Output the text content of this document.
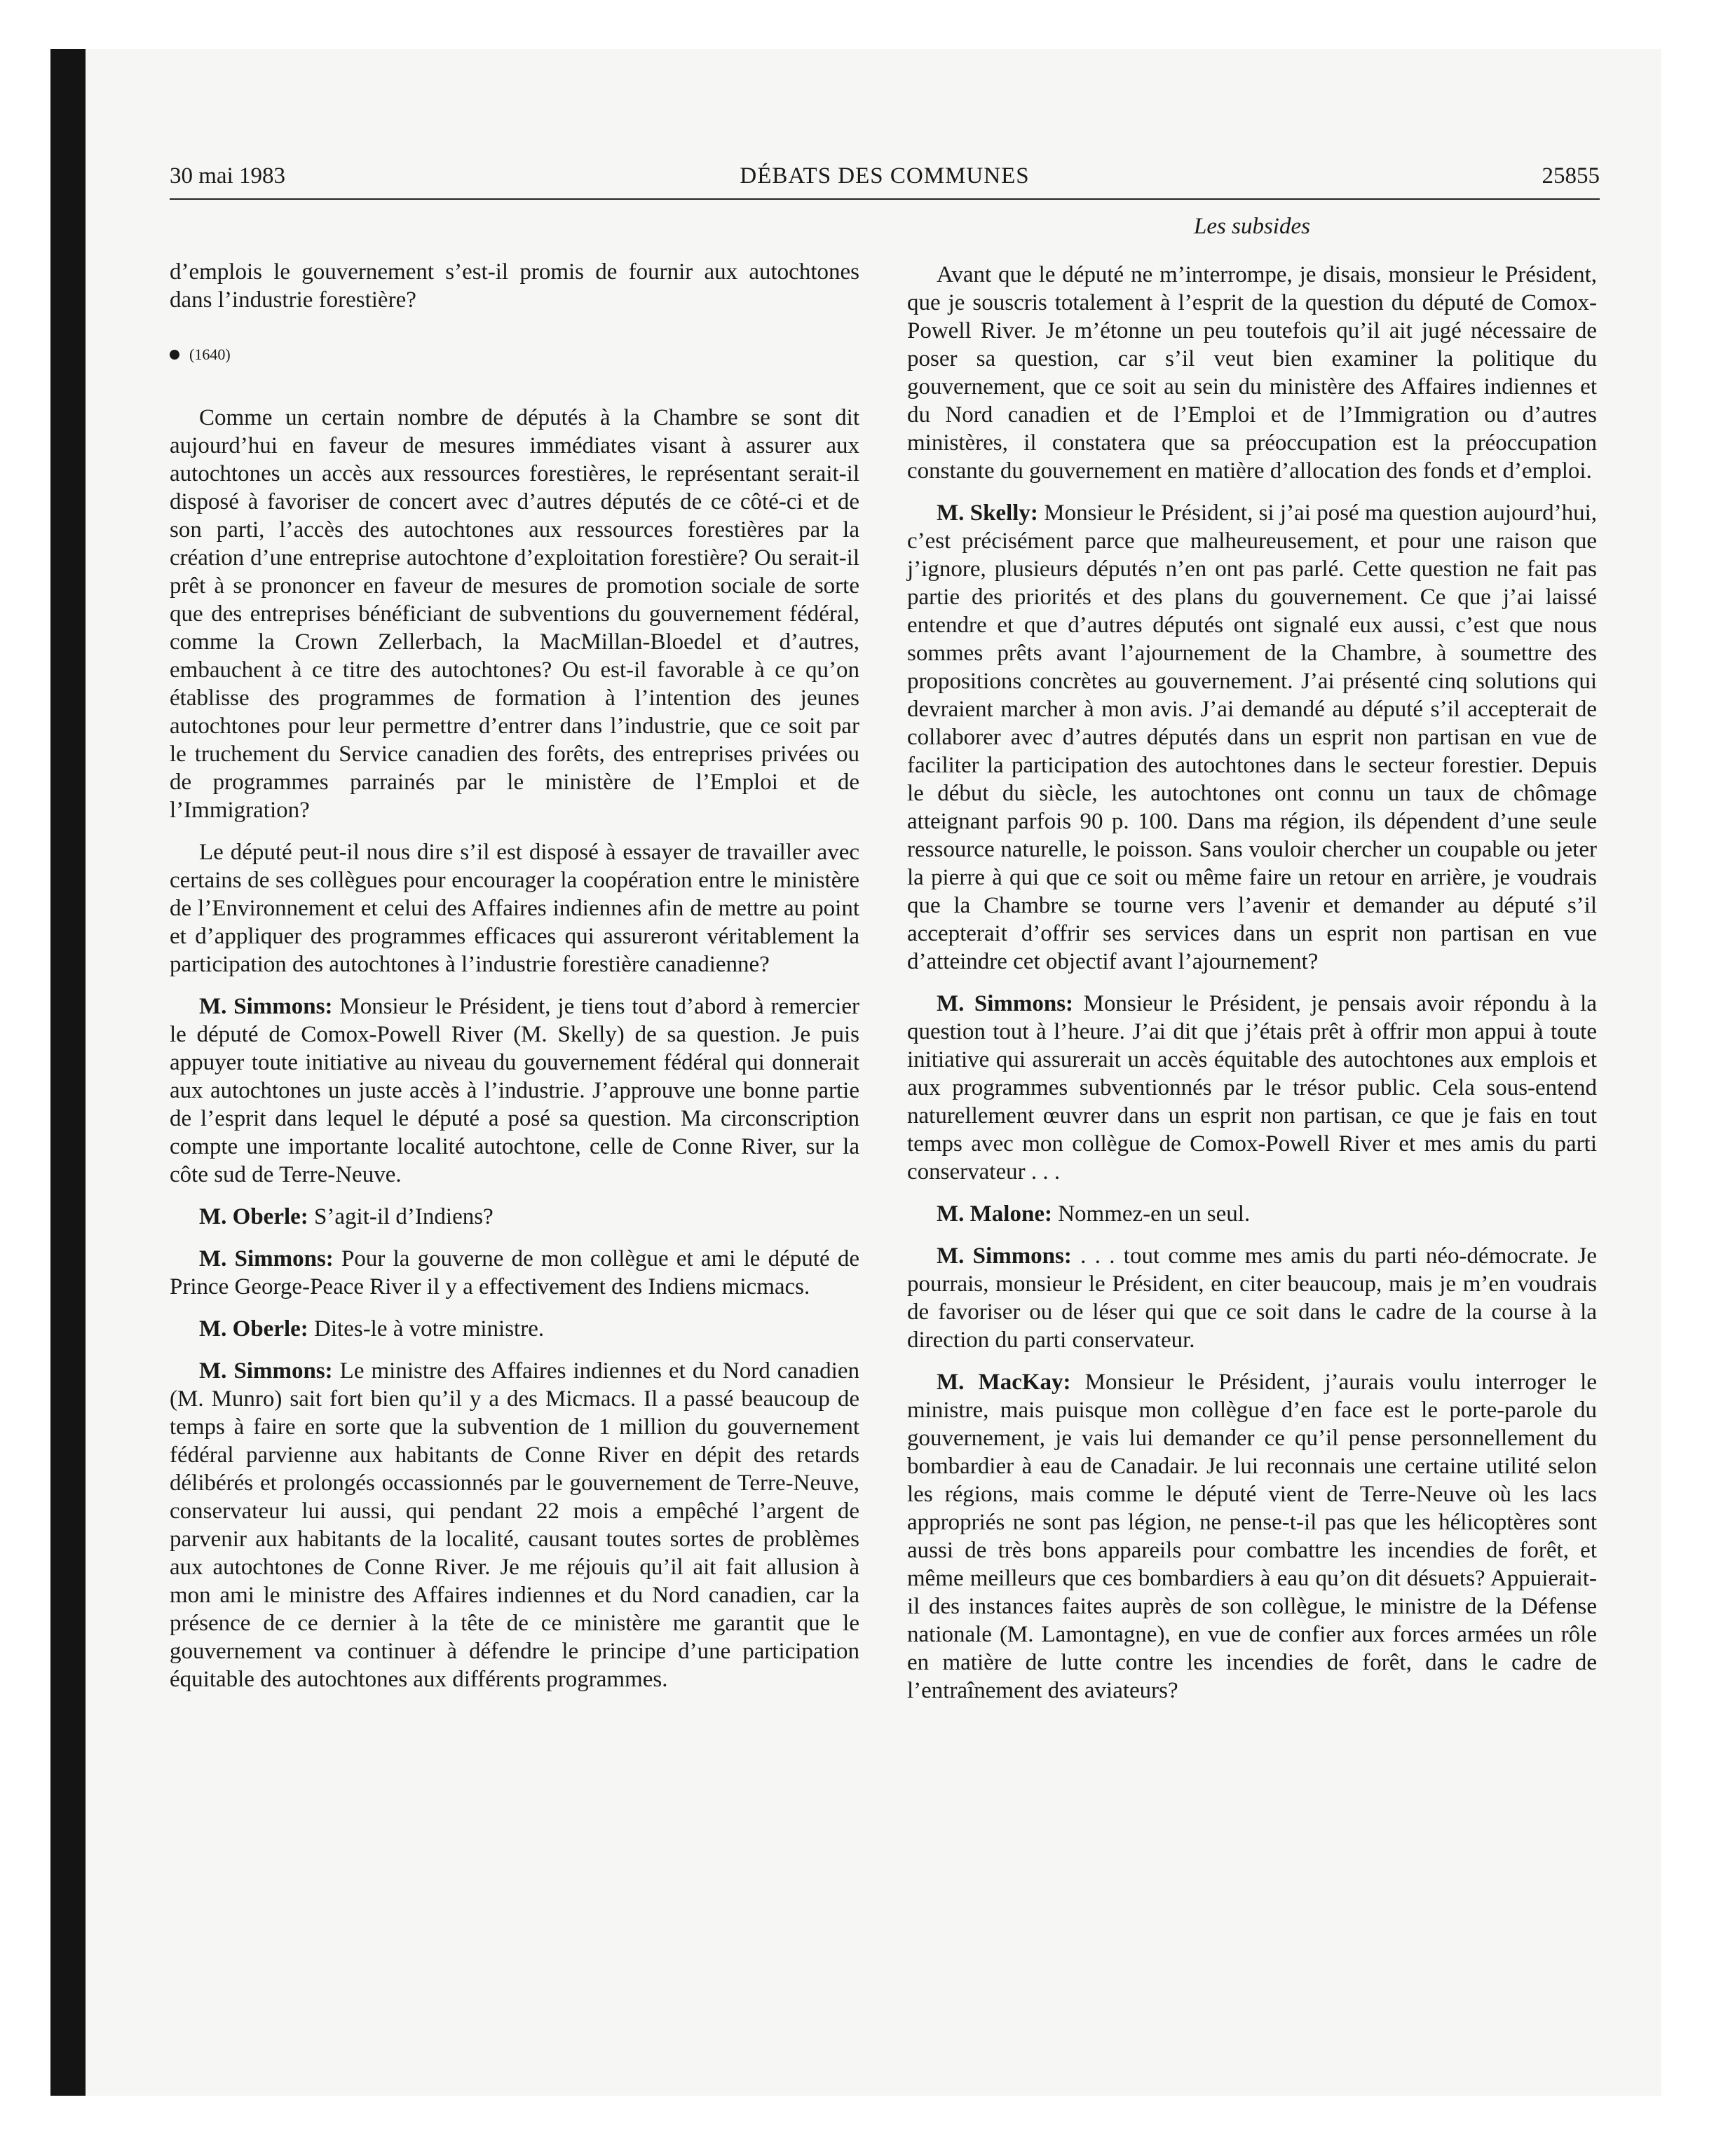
30 mai 1983	DÉBATS DES COMMUNES	25855
Les subsides

d’emplois le gouvernement s’est-il promis de fournir aux autochtones dans l’industrie forestière?

(1640)

Comme un certain nombre de députés à la Chambre se sont dit aujourd’hui en faveur de mesures immédiates visant à assurer aux autochtones un accès aux ressources forestières, le représentant serait-il disposé à favoriser de concert avec d’autres députés de ce côté-ci et de son parti, l’accès des autochtones aux ressources forestières par la création d’une entreprise autochtone d’exploitation forestière? Ou serait-il prêt à se prononcer en faveur de mesures de promotion sociale de sorte que des entreprises bénéficiant de subventions du gouvernement fédéral, comme la Crown Zellerbach, la MacMillan-Bloedel et d’autres, embauchent à ce titre des autochtones? Ou est-il favorable à ce qu’on établisse des programmes de formation à l’intention des jeunes autochtones pour leur permettre d’entrer dans l’industrie, que ce soit par le truchement du Service canadien des forêts, des entreprises privées ou de programmes parrainés par le ministère de l’Emploi et de l’Immigration?

Le député peut-il nous dire s’il est disposé à essayer de travailler avec certains de ses collègues pour encourager la coopération entre le ministère de l’Environnement et celui des Affaires indiennes afin de mettre au point et d’appliquer des programmes efficaces qui assureront véritablement la participation des autochtones à l’industrie forestière canadienne?

M. Simmons: Monsieur le Président, je tiens tout d’abord à remercier le député de Comox-Powell River (M. Skelly) de sa question. Je puis appuyer toute initiative au niveau du gouvernement fédéral qui donnerait aux autochtones un juste accès à l’industrie. J’approuve une bonne partie de l’esprit dans lequel le député a posé sa question. Ma circonscription compte une importante localité autochtone, celle de Conne River, sur la côte sud de Terre-Neuve.

M. Oberle: S’agit-il d’Indiens?

M. Simmons: Pour la gouverne de mon collègue et ami le député de Prince George-Peace River il y a effectivement des Indiens micmacs.

M. Oberle: Dites-le à votre ministre.

M. Simmons: Le ministre des Affaires indiennes et du Nord canadien (M. Munro) sait fort bien qu’il y a des Micmacs. Il a passé beaucoup de temps à faire en sorte que la subvention de 1 million du gouvernement fédéral parvienne aux habitants de Conne River en dépit des retards délibérés et prolongés occassionnés par le gouvernement de Terre-Neuve, conservateur lui aussi, qui pendant 22 mois a empêché l’argent de parvenir aux habitants de la localité, causant toutes sortes de problèmes aux autochtones de Conne River. Je me réjouis qu’il ait fait allusion à mon ami le ministre des Affaires indiennes et du Nord canadien, car la présence de ce dernier à la tête de ce ministère me garantit que le gouvernement va continuer à défendre le principe d’une participation équitable des autochtones aux différents programmes.

Avant que le député ne m’interrompe, je disais, monsieur le Président, que je souscris totalement à l’esprit de la question du député de Comox-Powell River. Je m’étonne un peu toutefois qu’il ait jugé nécessaire de poser sa question, car s’il veut bien examiner la politique du gouvernement, que ce soit au sein du ministère des Affaires indiennes et du Nord canadien et de l’Emploi et de l’Immigration ou d’autres ministères, il constatera que sa préoccupation est la préoccupation constante du gouvernement en matière d’allocation des fonds et d’emploi.

M. Skelly: Monsieur le Président, si j’ai posé ma question aujourd’hui, c’est précisément parce que malheureusement, et pour une raison que j’ignore, plusieurs députés n’en ont pas parlé. Cette question ne fait pas partie des priorités et des plans du gouvernement. Ce que j’ai laissé entendre et que d’autres députés ont signalé eux aussi, c’est que nous sommes prêts avant l’ajournement de la Chambre, à soumettre des propositions concrètes au gouvernement. J’ai présenté cinq solutions qui devraient marcher à mon avis. J’ai demandé au député s’il accepterait de collaborer avec d’autres députés dans un esprit non partisan en vue de faciliter la participation des autochtones dans le secteur forestier. Depuis le début du siècle, les autochtones ont connu un taux de chômage atteignant parfois 90 p. 100. Dans ma région, ils dépendent d’une seule ressource naturelle, le poisson. Sans vouloir chercher un coupable ou jeter la pierre à qui que ce soit ou même faire un retour en arrière, je voudrais que la Chambre se tourne vers l’avenir et demander au député s’il accepterait d’offrir ses services dans un esprit non partisan en vue d’atteindre cet objectif avant l’ajournement?

M. Simmons: Monsieur le Président, je pensais avoir répondu à la question tout à l’heure. J’ai dit que j’étais prêt à offrir mon appui à toute initiative qui assurerait un accès équitable des autochtones aux emplois et aux programmes subventionnés par le trésor public. Cela sous-entend naturellement œuvrer dans un esprit non partisan, ce que je fais en tout temps avec mon collègue de Comox-Powell River et mes amis du parti conservateur . . .

M. Malone: Nommez-en un seul.

M. Simmons: . . . tout comme mes amis du parti néo-démocrate. Je pourrais, monsieur le Président, en citer beaucoup, mais je m’en voudrais de favoriser ou de léser qui que ce soit dans le cadre de la course à la direction du parti conservateur.

M. MacKay: Monsieur le Président, j’aurais voulu interroger le ministre, mais puisque mon collègue d’en face est le porte-parole du gouvernement, je vais lui demander ce qu’il pense personnellement du bombardier à eau de Canadair. Je lui reconnais une certaine utilité selon les régions, mais comme le député vient de Terre-Neuve où les lacs appropriés ne sont pas légion, ne pense-t-il pas que les hélicoptères sont aussi de très bons appareils pour combattre les incendies de forêt, et même meilleurs que ces bombardiers à eau qu’on dit désuets? Appuierait-il des instances faites auprès de son collègue, le ministre de la Défense nationale (M. Lamontagne), en vue de confier aux forces armées un rôle en matière de lutte contre les incendies de forêt, dans le cadre de l’entraînement des aviateurs?
